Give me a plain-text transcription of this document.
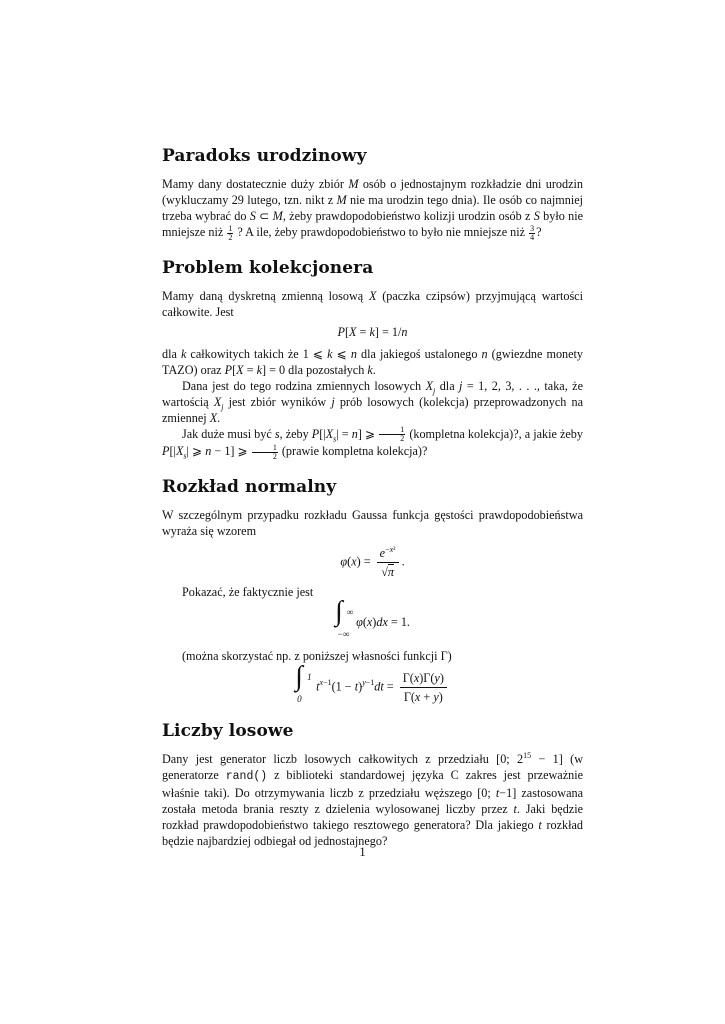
Paradoks urodzinowy

Mamy dany dostatecznie duży zbiór M osób o jednostajnym rozkładzie dni urodzin (wykluczamy 29 lutego, tzn. nikt z M nie ma urodzin tego dnia). Ile osób co najmniej trzeba wybrać do S ⊂ M, żeby prawdopodobieństwo kolizji urodzin osób z S było nie mniejsze niż $\frac{1}{2}$ ? A ile, żeby prawdopodobieństwo to było nie mniejsze niż $\frac{3}{4}$ ?

Problem kolekcjonera

Mamy daną dyskretną zmienną losową X (paczka czipsów) przyjmującą wartości całkowite. Jest

P[X = k] = 1/n

dla k całkowitych takich że 1 ⩽ k ⩽ n dla jakiegoś ustalonego n (gwiezdne monety TAZO) oraz P[X = k] = 0 dla pozostałych k.

Dana jest do tego rodzina zmiennych losowych $X_j$ dla j = 1, 2, 3, . . ., taka, że wartością $X_j$ jest zbiór wyników j prób losowych (kolekcja) przeprowadzonych na zmiennej X.

Jak duże musi być s, żeby $P[|X_s| = n]$ ⩾ $\frac{1}{2}$ (kompletna kolekcja)?, a jakie żeby $P[|X_s|$ ⩾ n − 1] ⩾ $\frac{1}{2}$ (prawie kompletna kolekcja)?

Rozkład normalny

W szczególnym przypadku rozkładu Gaussa funkcja gęstości prawdopodobieństwa wyraża się wzorem

$\varphi(x) = \frac{e^{-x^2}}{√\pi}$ .

Pokazać, że faktycznie jest

∫ ∞
−∞
φ(x)dx = 1.

(można skorzystać np. z poniższej własności funkcji Γ)

∫ 1
0
$t^{x-1}(1 - t)^{y-1}dt = \frac{\Gamma(x)\Gamma(y)}{\Gamma(x + y)}$
Liczby losowe

Dany jest generator liczb losowych całkowitych z przedziału [0; $2^{15} - 1$] (w generatorze rand() z biblioteki standardowej języka C zakres jest przeważnie właśnie taki). Do otrzymywania liczb z przedziału węższego [0; t−1] zastosowana została metoda brania reszty z dzielenia wylosowanej liczby przez t. Jaki będzie rozkład prawdopodobieństwo takiego resztowego generatora? Dla jakiego t rozkład będzie najbardziej odbiegał od jednostajnego?

1
